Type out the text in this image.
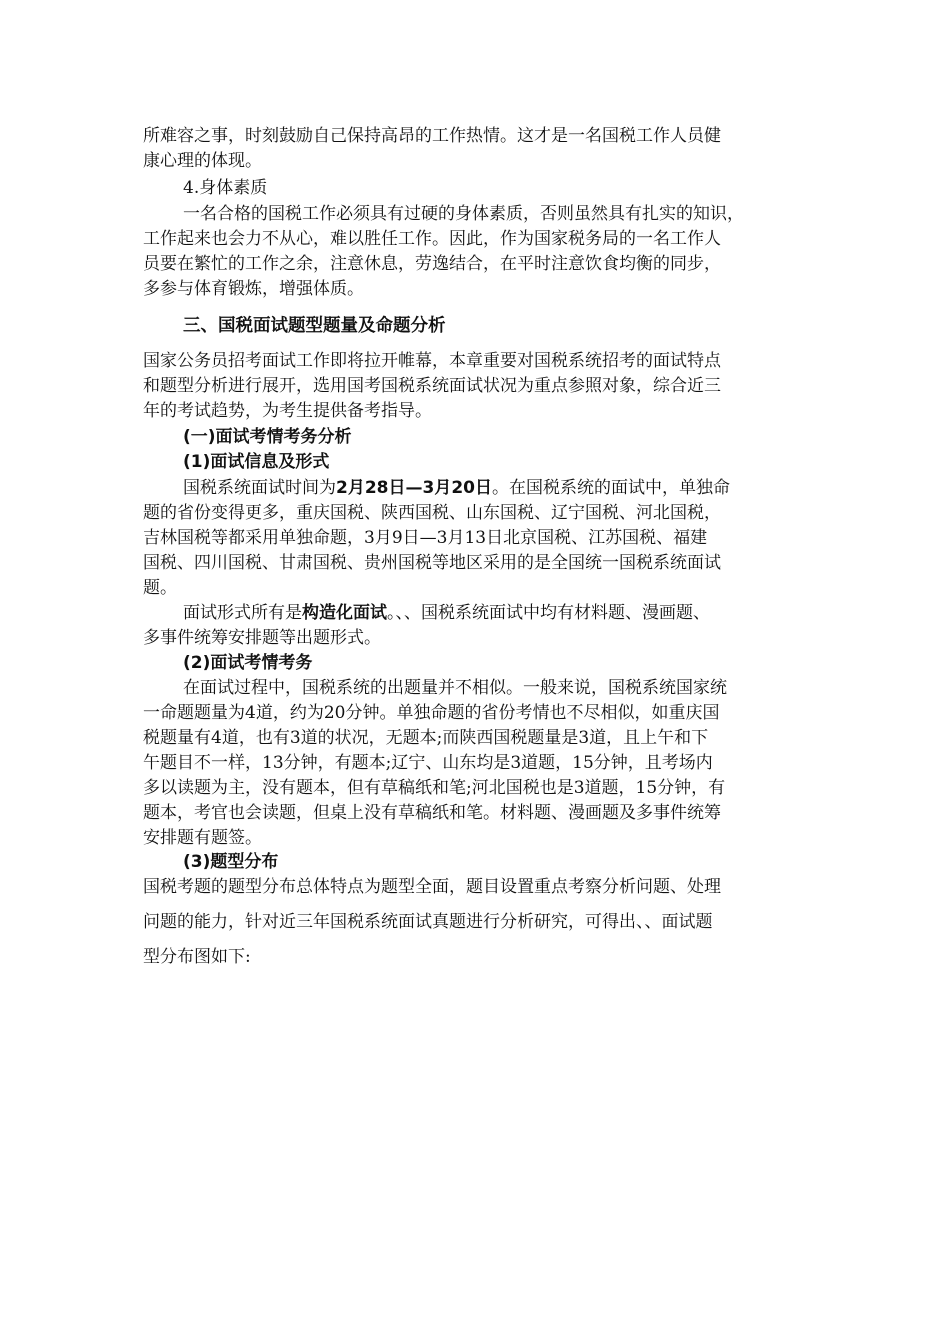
所难容之事，时刻鼓励自己保持高昂的工作热情。这才是一名国税工作人员健
康心理的体现。
4.身体素质
一名合格的国税工作必须具有过硬的身体素质，否则虽然具有扎实的知识，
工作起来也会力不从心，难以胜任工作。因此，作为国家税务局的一名工作人
员要在繁忙的工作之余，注意休息，劳逸结合，在平时注意饮食均衡的同步，
多参与体育锻炼，增强体质。
三、国税面试题型题量及命题分析
国家公务员招考面试工作即将拉开帷幕，本章重要对国税系统招考的面试特点
和题型分析进行展开，选用国考国税系统面试状况为重点参照对象，综合近三
年的考试趋势，为考生提供备考指导。
(一)面试考情考务分析
(1)面试信息及形式
国税系统面试时间为2月28日—3月20日。在国税系统的面试中，单独命
题的省份变得更多，重庆国税、陕西国税、山东国税、辽宁国税、河北国税，
吉林国税等都采用单独命题，3月9日—3月13日北京国税、江苏国税、福建
国税、四川国税、甘肃国税、贵州国税等地区采用的是全国统一国税系统面试
题。
面试形式所有是构造化面试。、、国税系统面试中均有材料题、漫画题、
多事件统筹安排题等出题形式。
(2)面试考情考务
在面试过程中，国税系统的出题量并不相似。一般来说，国税系统国家统
一命题题量为4道，约为20分钟。单独命题的省份考情也不尽相似，如重庆国
税题量有4道，也有3道的状况，无题本;而陕西国税题量是3道，且上午和下
午题目不一样，13分钟，有题本;辽宁、山东均是3道题，15分钟，且考场内
多以读题为主，没有题本，但有草稿纸和笔;河北国税也是3道题，15分钟，有
题本，考官也会读题，但桌上没有草稿纸和笔。材料题、漫画题及多事件统筹
安排题有题签。
(3)题型分布
国税考题的题型分布总体特点为题型全面，题目设置重点考察分析问题、处理
问题的能力，针对近三年国税系统面试真题进行分析研究，可得出、、面试题
型分布图如下:
